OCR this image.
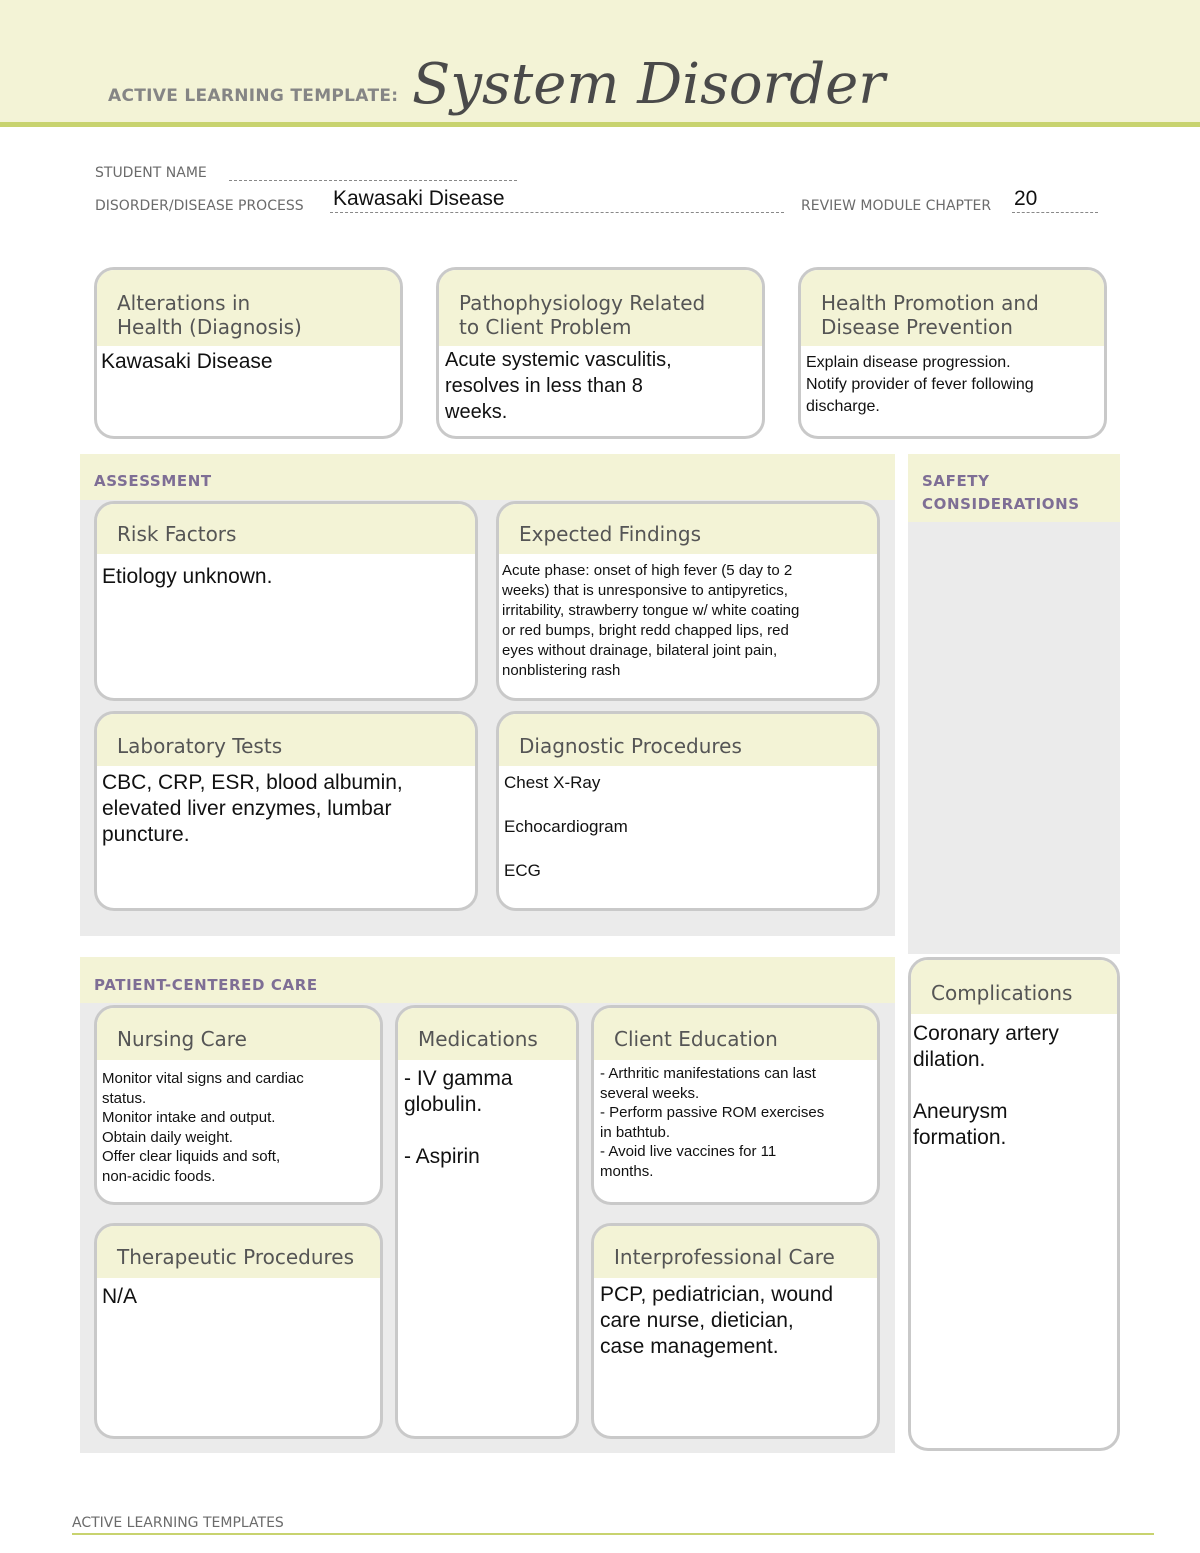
ACTIVE LEARNING TEMPLATE: System Disorder
STUDENT NAME
DISORDER/DISEASE PROCESS Kawasaki Disease	REVIEW MODULE CHAPTER 20
Alterations in
Health (Diagnosis)
Kawasaki Disease
Pathophysiology Related
to Client Problem
Acute systemic vasculitis,
resolves in less than 8
weeks.
Health Promotion and
Disease Prevention
Explain disease progression.
Notify provider of fever following
discharge.
ASSESSMENT
Risk Factors
Etiology unknown.
Expected Findings
Acute phase: onset of high fever (5 day to 2
weeks) that is unresponsive to antipyretics,
irritability, strawberry tongue w/ white coating
or red bumps, bright redd chapped lips, red
eyes without drainage, bilateral joint pain,
nonblistering rash
Laboratory Tests
CBC, CRP, ESR, blood albumin,
elevated liver enzymes, lumbar
puncture.
Diagnostic Procedures
Chest X-Ray

Echocardiogram

ECG
SAFETY
CONSIDERATIONS
PATIENT-CENTERED CARE
Nursing Care
Monitor vital signs and cardiac
status.
Monitor intake and output.
Obtain daily weight.
Offer clear liquids and soft,
non-acidic foods.
Medications
- IV gamma
globulin.

- Aspirin
Client Education
- Arthritic manifestations can last
several weeks.
- Perform passive ROM exercises
in bathtub.
- Avoid live vaccines for 11
months.
Therapeutic Procedures
N/A
Interprofessional Care
PCP, pediatrician, wound
care nurse, dietician,
case management.
Complications
Coronary artery
dilation.

Aneurysm
formation.
ACTIVE LEARNING TEMPLATES
